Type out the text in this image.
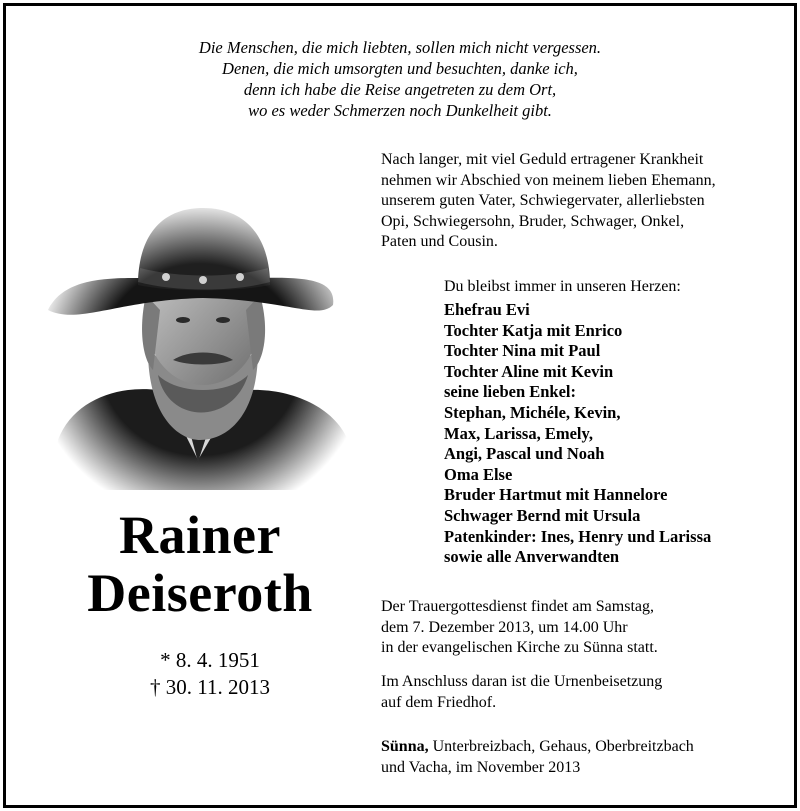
Die Menschen, die mich liebten, sollen mich nicht vergessen.
Denen, die mich umsorgten und besuchten, danke ich,
denn ich habe die Reise angetreten zu dem Ort,
wo es weder Schmerzen noch Dunkelheit gibt.
Nach langer, mit viel Geduld ertragener Krankheit
nehmen wir Abschied von meinem lieben Ehemann,
unserem guten Vater, Schwiegervater, allerliebsten
Opi, Schwiegersohn, Bruder, Schwager, Onkel,
Paten und Cousin.
Du bleibst immer in unseren Herzen:
Ehefrau Evi
Tochter Katja mit Enrico
Tochter Nina mit Paul
Tochter Aline mit Kevin
seine lieben Enkel:
Stephan, Michéle, Kevin,
Max, Larissa, Emely,
Angi, Pascal und Noah
Oma Else
Bruder Hartmut mit Hannelore
Schwager Bernd mit Ursula
Patenkinder: Ines, Henry und Larissa
sowie alle Anverwandten
Rainer
Deiseroth
* 8. 4. 1951
† 30. 11. 2013
Der Trauergottesdienst findet am Samstag,
dem 7. Dezember 2013, um 14.00 Uhr
in der evangelischen Kirche zu Sünna statt.
Im Anschluss daran ist die Urnenbeisetzung
auf dem Friedhof.
Sünna, Unterbreizbach, Gehaus, Oberbreitzbach
und Vacha, im November 2013
